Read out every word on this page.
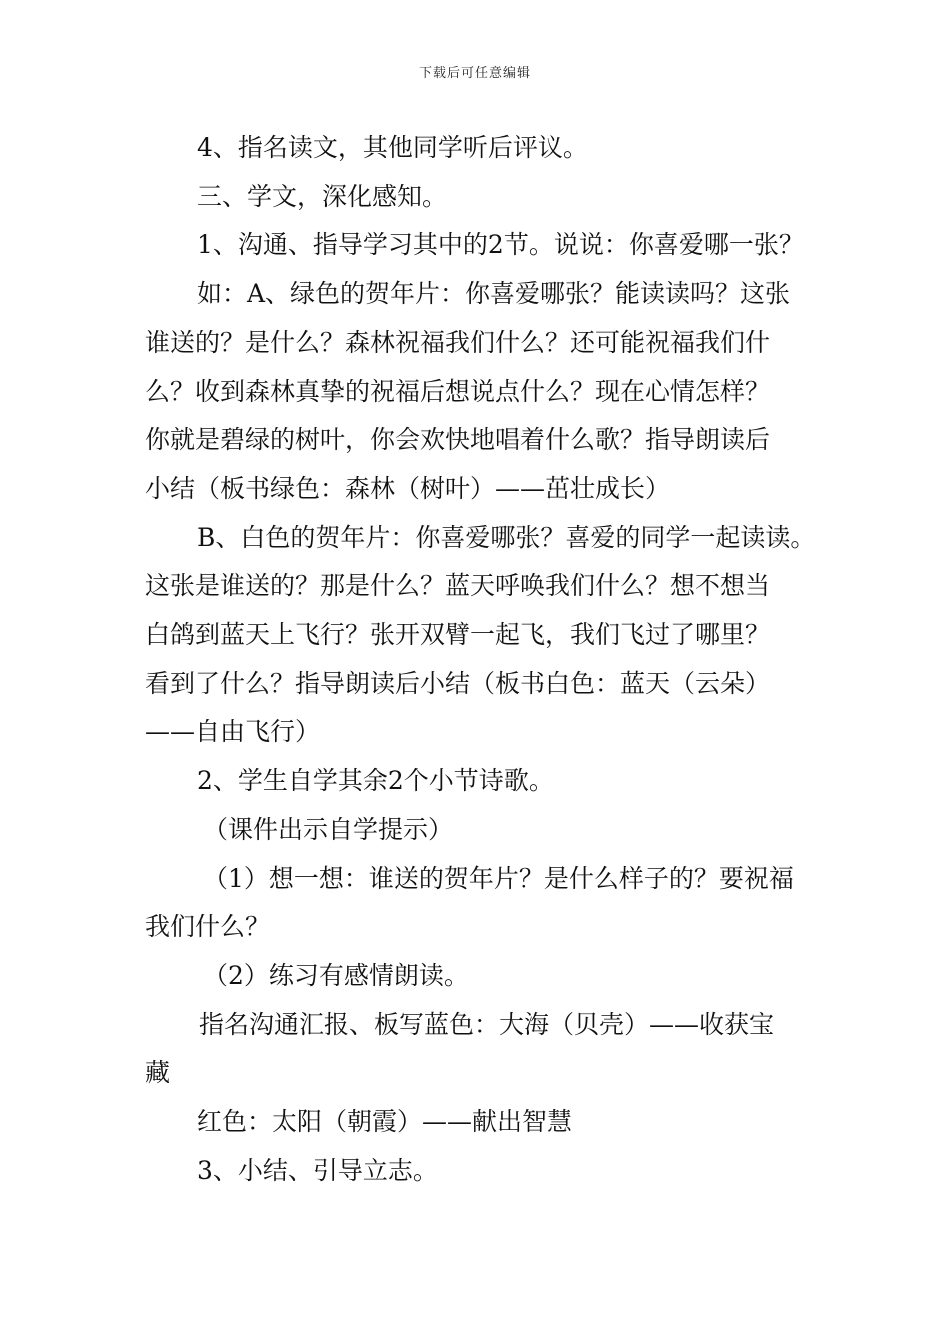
下载后可任意编辑

4、指名读文，其他同学听后评议。

三、学文，深化感知。

1、沟通、指导学习其中的2节。说说：你喜爱哪一张？

如：A、绿色的贺年片：你喜爱哪张？能读读吗？这张

谁送的？是什么？森林祝福我们什么？还可能祝福我们什

么？收到森林真挚的祝福后想说点什么？现在心情怎样？

你就是碧绿的树叶，你会欢快地唱着什么歌？指导朗读后

小结（板书绿色：森林（树叶）——茁壮成长）

B、白色的贺年片：你喜爱哪张？喜爱的同学一起读读。

这张是谁送的？那是什么？蓝天呼唤我们什么？想不想当

白鸽到蓝天上飞行？张开双臂一起飞，我们飞过了哪里？

看到了什么？指导朗读后小结（板书白色：蓝天（云朵）

——自由飞行）

2、学生自学其余2个小节诗歌。

（课件出示自学提示）

（1）想一想：谁送的贺年片？是什么样子的？要祝福

我们什么？

（2）练习有感情朗读。

指名沟通汇报、板写蓝色：大海（贝壳）——收获宝

藏

红色：太阳（朝霞）——献出智慧

3、小结、引导立志。
